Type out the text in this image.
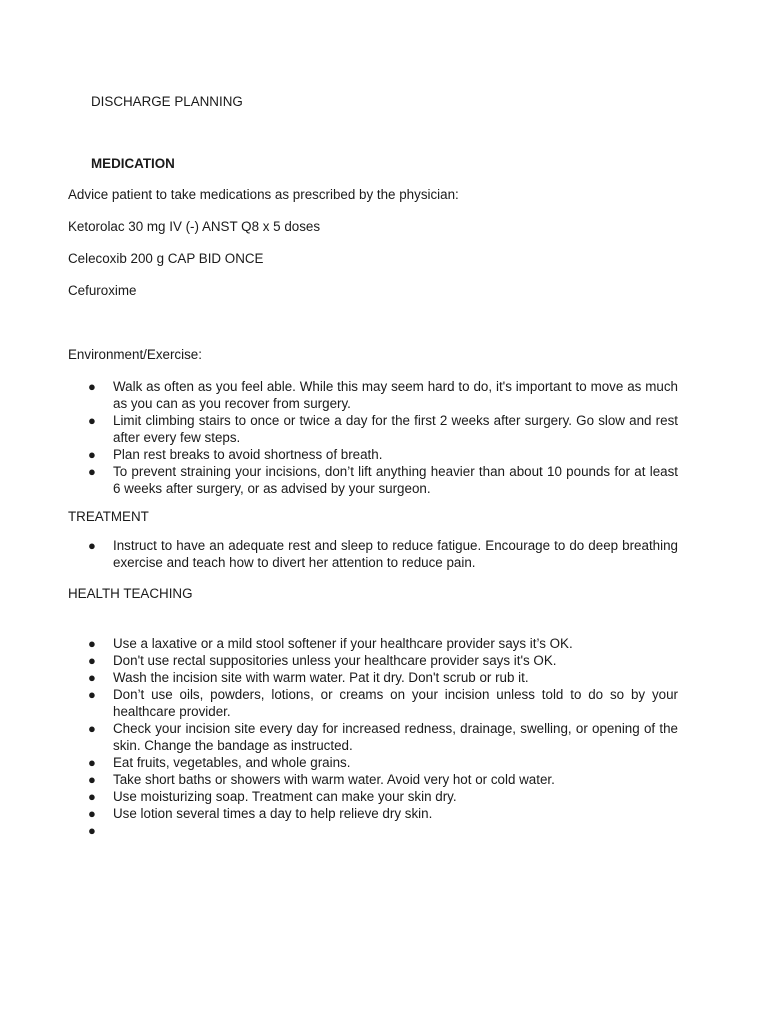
DISCHARGE PLANNING
MEDICATION
Advice patient to take medications as prescribed by the physician:
Ketorolac 30 mg IV (-) ANST Q8 x 5 doses
Celecoxib 200 g CAP BID ONCE
Cefuroxime
Environment/Exercise:
● Walk as often as you feel able. While this may seem hard to do, it's important to move as much as you can as you recover from surgery.
● Limit climbing stairs to once or twice a day for the first 2 weeks after surgery. Go slow and rest after every few steps.
● Plan rest breaks to avoid shortness of breath.
● To prevent straining your incisions, don’t lift anything heavier than about 10 pounds for at least 6 weeks after surgery, or as advised by your surgeon.
TREATMENT
● Instruct to have an adequate rest and sleep to reduce fatigue. Encourage to do deep breathing exercise and teach how to divert her attention to reduce pain.
HEALTH TEACHING
● Use a laxative or a mild stool softener if your healthcare provider says it’s OK.
● Don't use rectal suppositories unless your healthcare provider says it's OK.
● Wash the incision site with warm water. Pat it dry. Don't scrub or rub it.
● Don’t use oils, powders, lotions, or creams on your incision unless told to do so by your healthcare provider.
● Check your incision site every day for increased redness, drainage, swelling, or opening of the skin. Change the bandage as instructed.
● Eat fruits, vegetables, and whole grains.
● Take short baths or showers with warm water. Avoid very hot or cold water.
● Use moisturizing soap. Treatment can make your skin dry.
● Use lotion several times a day to help relieve dry skin.
●
